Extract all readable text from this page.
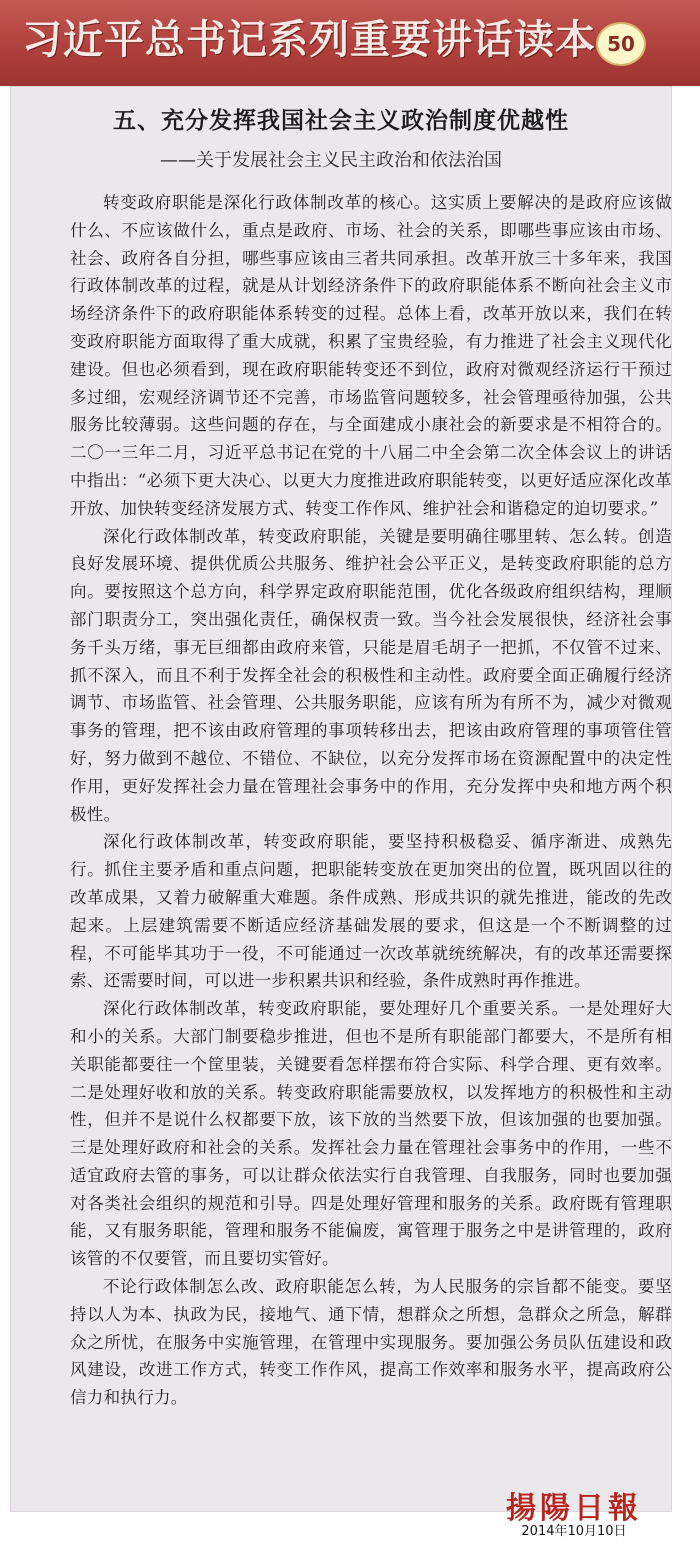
习近平总书记系列重要讲话读本 50
五、充分发挥我国社会主义政治制度优越性
——关于发展社会主义民主政治和依法治国

转变政府职能是深化行政体制改革的核心。这实质上要解决的是政府应该做什么、不应该做什么，重点是政府、市场、社会的关系，即哪些事应该由市场、社会、政府各自分担，哪些事应该由三者共同承担。改革开放三十多年来，我国行政体制改革的过程，就是从计划经济条件下的政府职能体系不断向社会主义市场经济条件下的政府职能体系转变的过程。总体上看，改革开放以来，我们在转变政府职能方面取得了重大成就，积累了宝贵经验，有力推进了社会主义现代化建设。但也必须看到，现在政府职能转变还不到位，政府对微观经济运行干预过多过细，宏观经济调节还不完善，市场监管问题较多，社会管理亟待加强，公共服务比较薄弱。这些问题的存在，与全面建成小康社会的新要求是不相符合的。二〇一三年二月，习近平总书记在党的十八届二中全会第二次全体会议上的讲话中指出：“必须下更大决心、以更大力度推进政府职能转变，以更好适应深化改革开放、加快转变经济发展方式、转变工作作风、维护社会和谐稳定的迫切要求。”

深化行政体制改革，转变政府职能，关键是要明确往哪里转、怎么转。创造良好发展环境、提供优质公共服务、维护社会公平正义，是转变政府职能的总方向。要按照这个总方向，科学界定政府职能范围，优化各级政府组织结构，理顺部门职责分工，突出强化责任，确保权责一致。当今社会发展很快，经济社会事务千头万绪，事无巨细都由政府来管，只能是眉毛胡子一把抓，不仅管不过来、抓不深入，而且不利于发挥全社会的积极性和主动性。政府要全面正确履行经济调节、市场监管、社会管理、公共服务职能，应该有所为有所不为，减少对微观事务的管理，把不该由政府管理的事项转移出去，把该由政府管理的事项管住管好，努力做到不越位、不错位、不缺位，以充分发挥市场在资源配置中的决定性作用，更好发挥社会力量在管理社会事务中的作用，充分发挥中央和地方两个积极性。

深化行政体制改革，转变政府职能，要坚持积极稳妥、循序渐进、成熟先行。抓住主要矛盾和重点问题，把职能转变放在更加突出的位置，既巩固以往的改革成果，又着力破解重大难题。条件成熟、形成共识的就先推进，能改的先改起来。上层建筑需要不断适应经济基础发展的要求，但这是一个不断调整的过程，不可能毕其功于一役，不可能通过一次改革就统统解决，有的改革还需要探索、还需要时间，可以进一步积累共识和经验，条件成熟时再作推进。

深化行政体制改革，转变政府职能，要处理好几个重要关系。一是处理好大和小的关系。大部门制要稳步推进，但也不是所有职能部门都要大，不是所有相关职能都要往一个筐里装，关键要看怎样摆布符合实际、科学合理、更有效率。二是处理好收和放的关系。转变政府职能需要放权，以发挥地方的积极性和主动性，但并不是说什么权都要下放，该下放的当然要下放，但该加强的也要加强。三是处理好政府和社会的关系。发挥社会力量在管理社会事务中的作用，一些不适宜政府去管的事务，可以让群众依法实行自我管理、自我服务，同时也要加强对各类社会组织的规范和引导。四是处理好管理和服务的关系。政府既有管理职能，又有服务职能，管理和服务不能偏废，寓管理于服务之中是讲管理的，政府该管的不仅要管，而且要切实管好。

不论行政体制怎么改、政府职能怎么转，为人民服务的宗旨都不能变。要坚持以人为本、执政为民，接地气、通下情，想群众之所想，急群众之所急，解群众之所忧，在服务中实施管理，在管理中实现服务。要加强公务员队伍建设和政风建设，改进工作方式，转变工作作风，提高工作效率和服务水平，提高政府公信力和执行力。

揚陽日報
2014年10月10日
